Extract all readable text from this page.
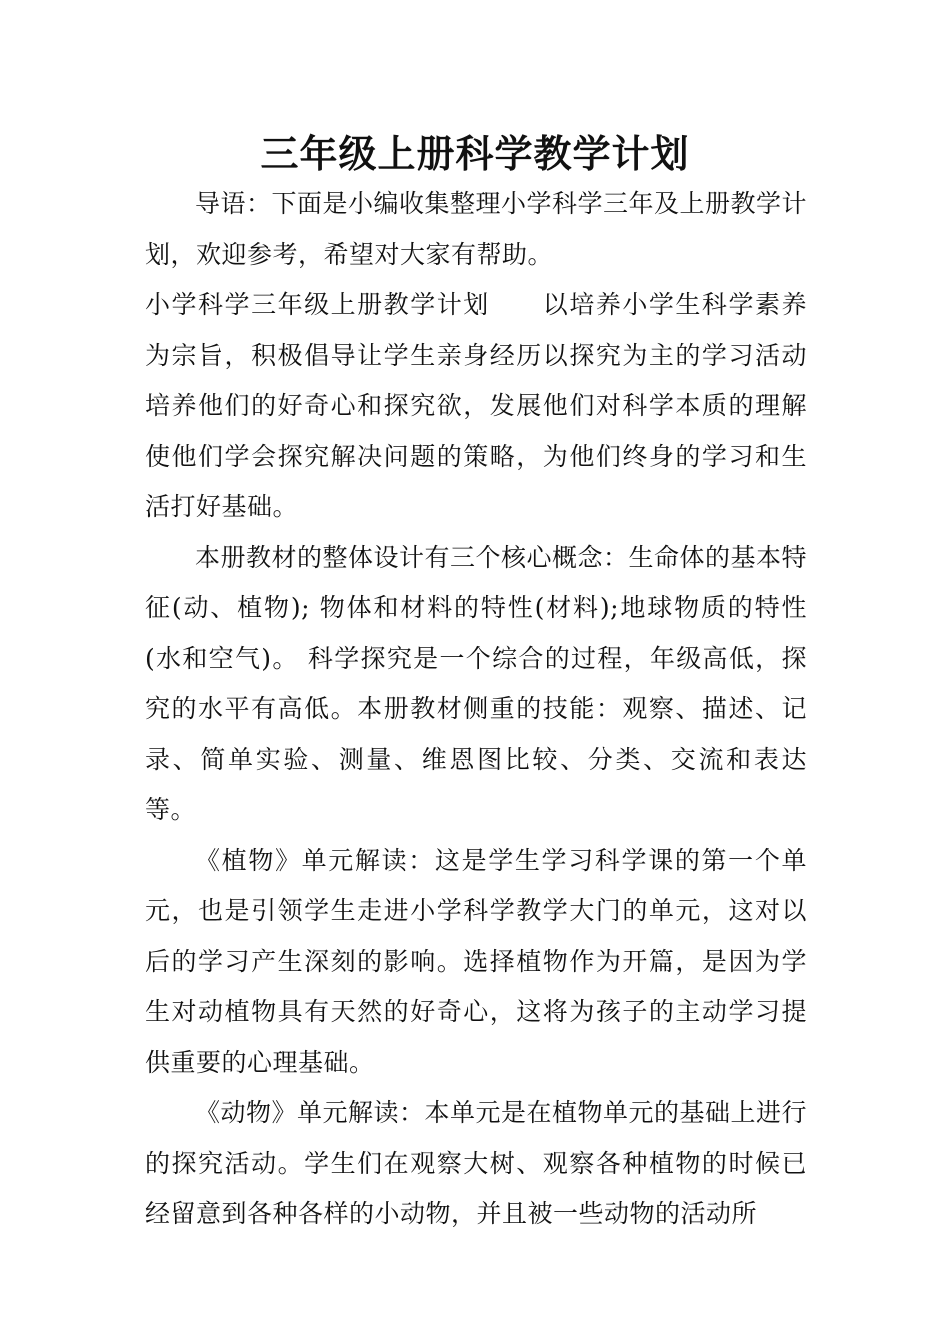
三年级上册科学教学计划

导语：下面是小编收集整理小学科学三年及上册教学计划，欢迎参考，希望对大家有帮助。

小学科学三年级上册教学计划　　以培养小学生科学素养为宗旨，积极倡导让学生亲身经历以探究为主的学习活动培养他们的好奇心和探究欲，发展他们对科学本质的理解使他们学会探究解决问题的策略，为他们终身的学习和生活打好基础。

本册教材的整体设计有三个核心概念：生命体的基本特征(动、植物); 物体和材料的特性(材料);地球物质的特性(水和空气)。 科学探究是一个综合的过程，年级高低，探究的水平有高低。本册教材侧重的技能：观察、描述、记录、简单实验、测量、维恩图比较、分类、交流和表达等。

《植物》单元解读：这是学生学习科学课的第一个单元，也是引领学生走进小学科学教学大门的单元，这对以后的学习产生深刻的影响。选择植物作为开篇，是因为学生对动植物具有天然的好奇心，这将为孩子的主动学习提供重要的心理基础。

《动物》单元解读：本单元是在植物单元的基础上进行的探究活动。学生们在观察大树、观察各种植物的时候已经留意到各种各样的小动物，并且被一些动物的活动所
